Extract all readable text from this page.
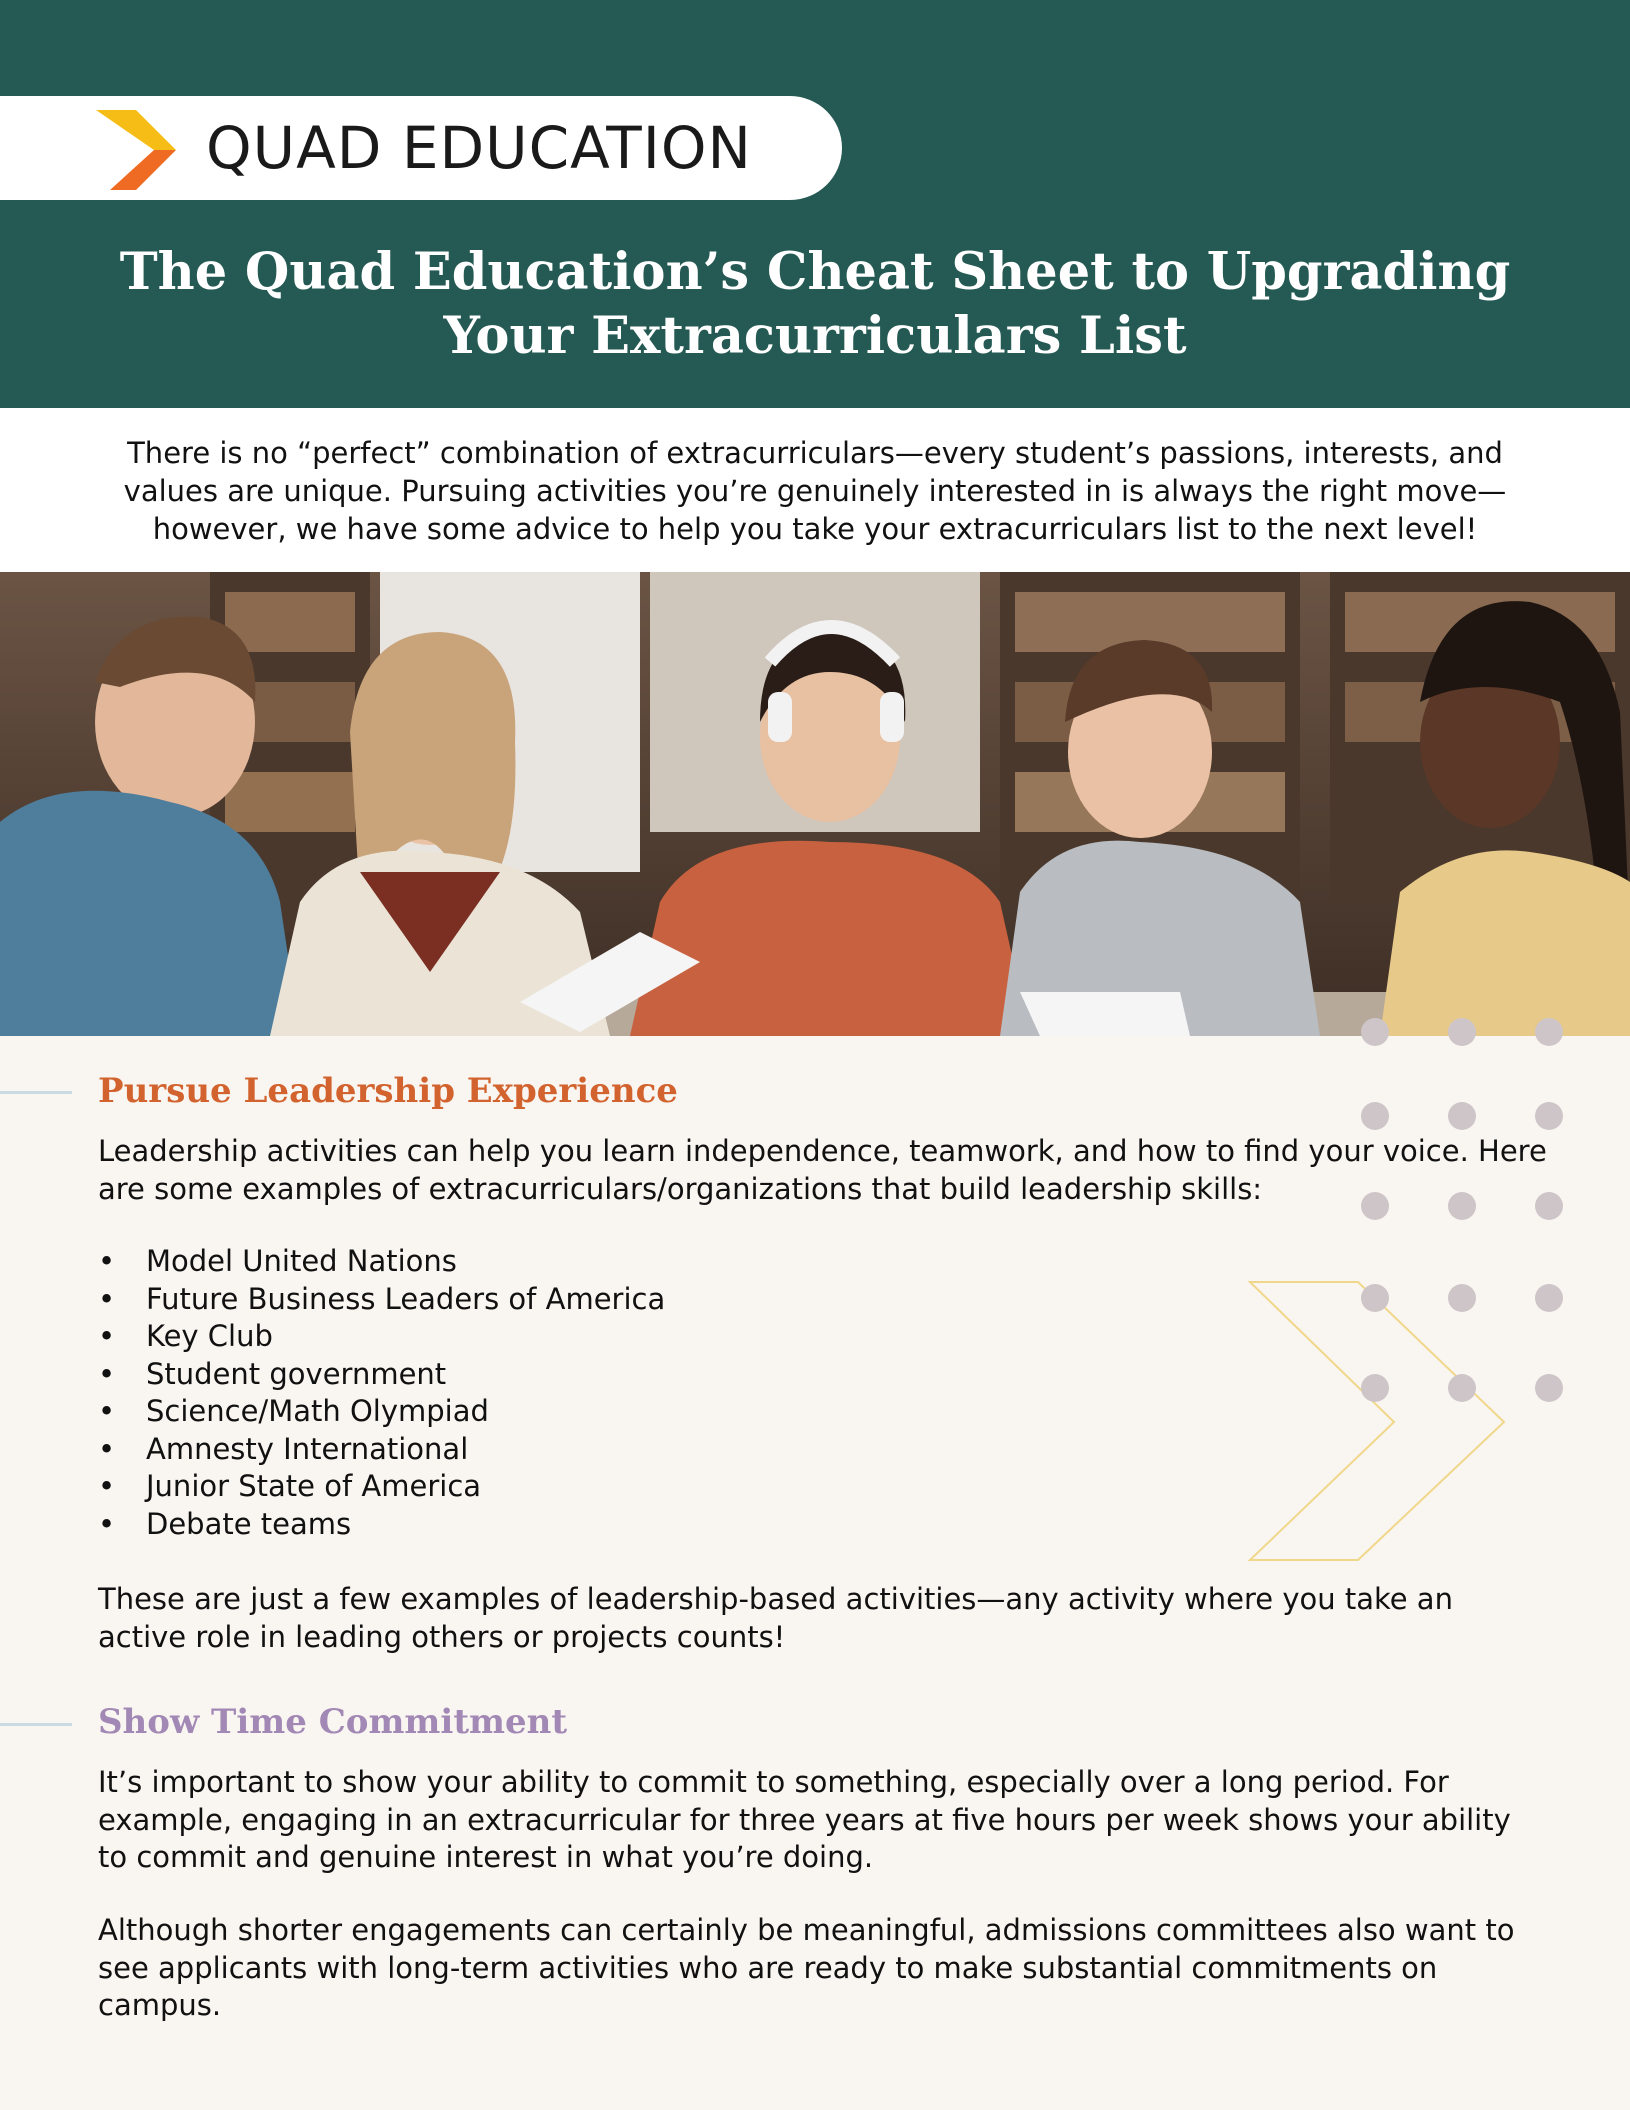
QUAD EDUCATION
The Quad Education’s Cheat Sheet to Upgrading Your Extracurriculars List

There is no “perfect” combination of extracurriculars—every student’s passions, interests, and values are unique. Pursuing activities you’re genuinely interested in is always the right move—however, we have some advice to help you take your extracurriculars list to the next level!

Pursue Leadership Experience

Leadership activities can help you learn independence, teamwork, and how to find your voice. Here are some examples of extracurriculars/organizations that build leadership skills:

• Model United Nations
• Future Business Leaders of America
• Key Club
• Student government
• Science/Math Olympiad
• Amnesty International
• Junior State of America
• Debate teams

These are just a few examples of leadership-based activities—any activity where you take an active role in leading others or projects counts!

Show Time Commitment

It’s important to show your ability to commit to something, especially over a long period. For example, engaging in an extracurricular for three years at five hours per week shows your ability to commit and genuine interest in what you’re doing.

Although shorter engagements can certainly be meaningful, admissions committees also want to see applicants with long-term activities who are ready to make substantial commitments on campus.
